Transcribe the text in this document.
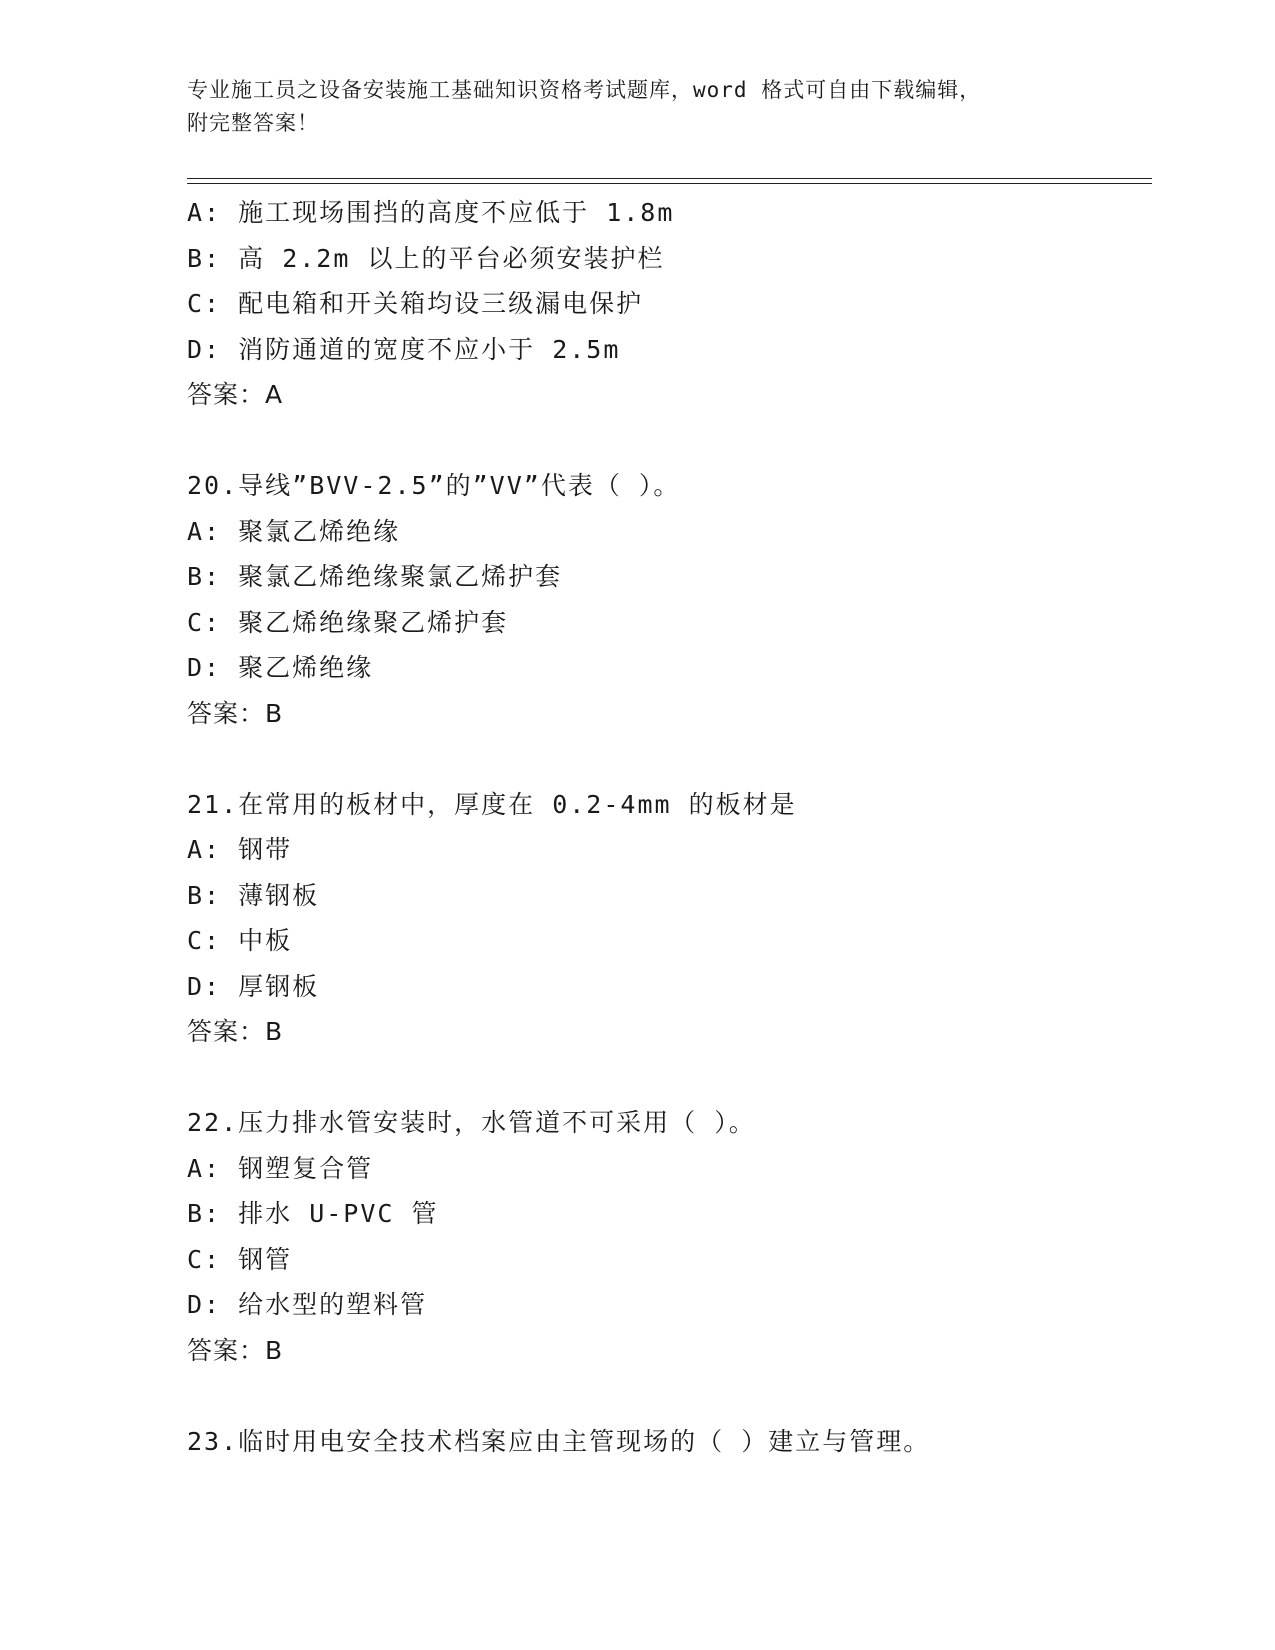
专业施工员之设备安装施工基础知识资格考试题库，word 格式可自由下载编辑，
附完整答案！
A: 施工现场围挡的高度不应低于 1.8m
B: 高 2.2m 以上的平台必须安装护栏
C: 配电箱和开关箱均设三级漏电保护
D: 消防通道的宽度不应小于 2.5m
答案：A
20.导线”BVV-2.5”的”VV”代表（ ）。
A: 聚氯乙烯绝缘
B: 聚氯乙烯绝缘聚氯乙烯护套
C: 聚乙烯绝缘聚乙烯护套
D: 聚乙烯绝缘
答案：B
21.在常用的板材中，厚度在 0.2-4mm 的板材是
A: 钢带
B: 薄钢板
C: 中板
D: 厚钢板
答案：B
22.压力排水管安装时，水管道不可采用（ ）。
A: 钢塑复合管
B: 排水 U-PVC 管
C: 钢管
D: 给水型的塑料管
答案：B
23.临时用电安全技术档案应由主管现场的（ ）建立与管理。
